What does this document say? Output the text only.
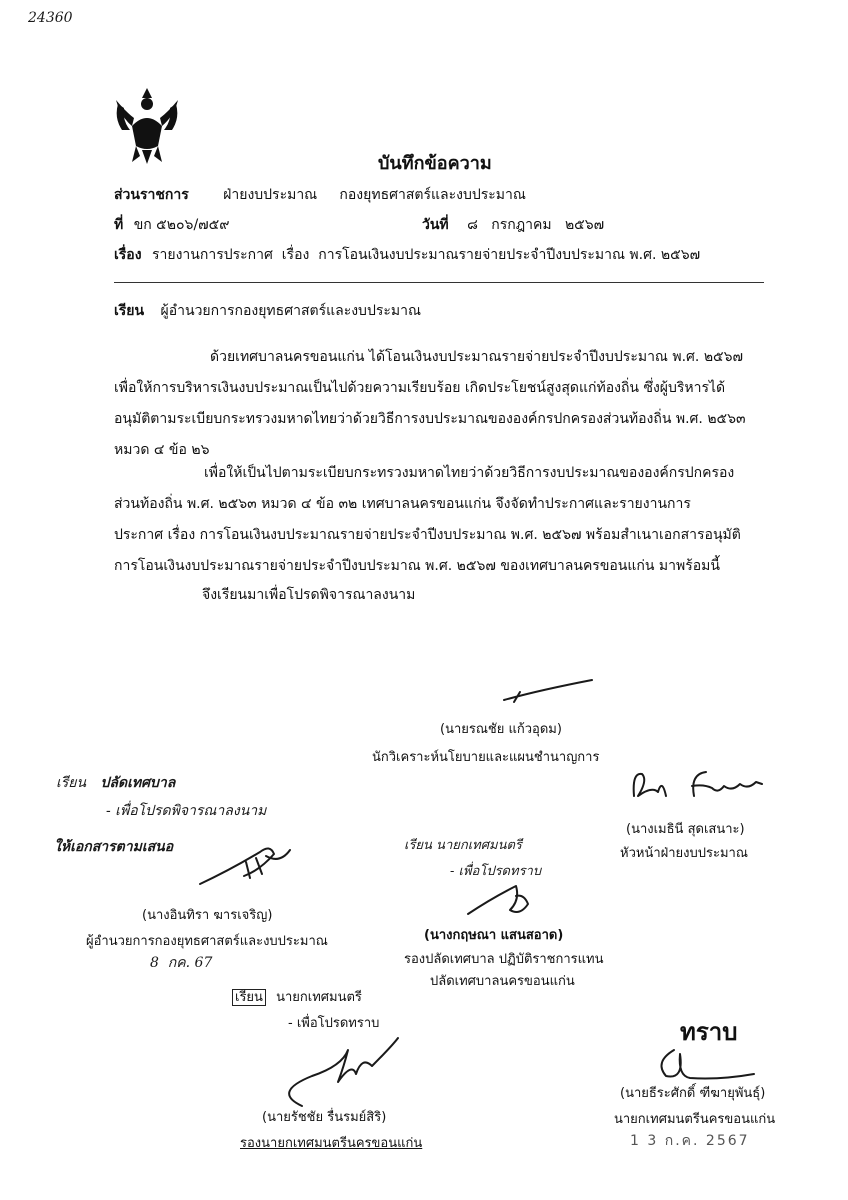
24360
บันทึกข้อความ
ส่วนราชการ ฝ่ายงบประมาณ     กองยุทธศาสตร์และงบประมาณ
ที่ ขก ๕๒๐๖/๗๕๙	วันที่ ๘   กรกฎาคม   ๒๕๖๗
เรื่อง รายงานการประกาศ  เรื่อง  การโอนเงินงบประมาณรายจ่ายประจำปีงบประมาณ พ.ศ. ๒๕๖๗
เรียน ผู้อำนวยการกองยุทธศาสตร์และงบประมาณ
ด้วยเทศบาลนครขอนแก่น ได้โอนเงินงบประมาณรายจ่ายประจำปีงบประมาณ พ.ศ. ๒๕๖๗
เพื่อให้การบริหารเงินงบประมาณเป็นไปด้วยความเรียบร้อย เกิดประโยชน์สูงสุดแก่ท้องถิ่น ซึ่งผู้บริหารได้
อนุมัติตามระเบียบกระทรวงมหาดไทยว่าด้วยวิธีการงบประมาณขององค์กรปกครองส่วนท้องถิ่น พ.ศ. ๒๕๖๓
หมวด ๔ ข้อ ๒๖
เพื่อให้เป็นไปตามระเบียบกระทรวงมหาดไทยว่าด้วยวิธีการงบประมาณขององค์กรปกครอง
ส่วนท้องถิ่น พ.ศ. ๒๕๖๓ หมวด ๔ ข้อ ๓๒ เทศบาลนครขอนแก่น จึงจัดทำประกาศและรายงานการ
ประกาศ เรื่อง การโอนเงินงบประมาณรายจ่ายประจำปีงบประมาณ พ.ศ. ๒๕๖๗ พร้อมสำเนาเอกสารอนุมัติ
การโอนเงินงบประมาณรายจ่ายประจำปีงบประมาณ พ.ศ. ๒๕๖๗ ของเทศบาลนครขอนแก่น มาพร้อมนี้
จึงเรียนมาเพื่อโปรดพิจารณาลงนาม
(นายรณชัย แก้วอุดม)
นักวิเคราะห์นโยบายและแผนชำนาญการ
(นางเมธินี สุดเสนาะ)
หัวหน้าฝ่ายงบประมาณ
เรียน ปลัดเทศบาล
- เพื่อโปรดพิจารณาลงนาม
ให้เอกสารตามเสนอ
(นางอินทิรา ฆารเจริญ)
ผู้อำนวยการกองยุทธศาสตร์และงบประมาณ
8  กค. 67
เรียน นายกเทศมนตรี
- เพื่อโปรดทราบ
(นางกฤษณา แสนสอาด)
รองปลัดเทศบาล ปฏิบัติราชการแทน
ปลัดเทศบาลนครขอนแก่น
เรียน นายกเทศมนตรี
- เพื่อโปรดทราบ
(นายรัชชัย รื่นรมย์สิริ)
รองนายกเทศมนตรีนครขอนแก่น
ทราบ
(นายธีระศักดิ์ ฑีฆายุพันธุ์)
นายกเทศมนตรีนครขอนแก่น
1 3 ก.ค. 2567
